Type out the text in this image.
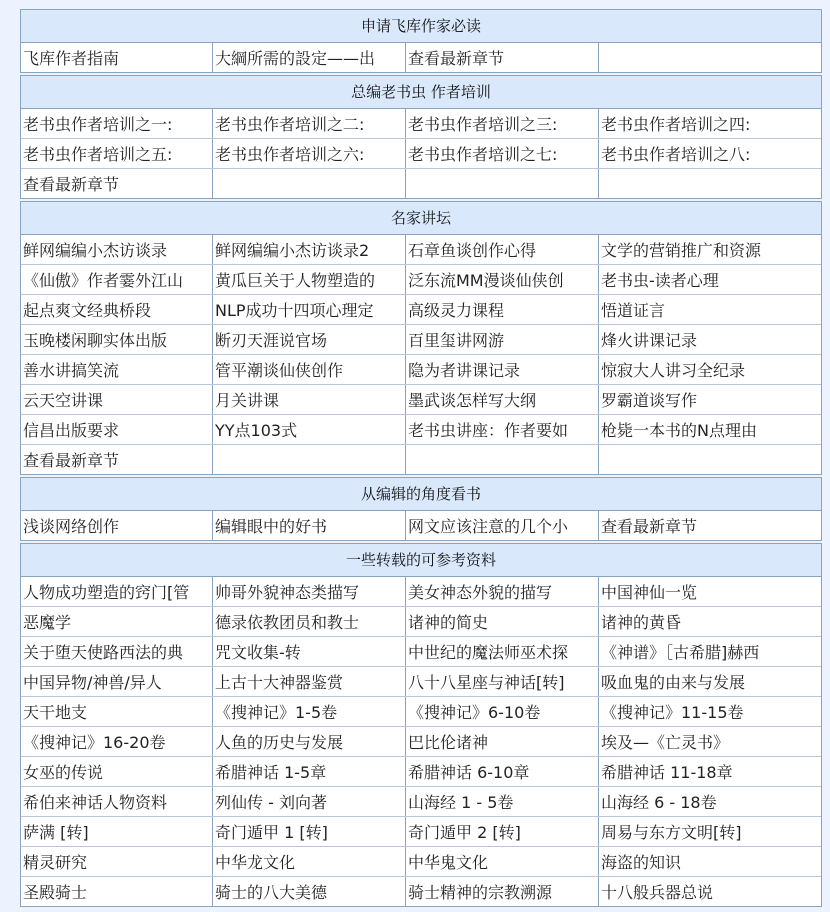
申请飞库作家必读
飞库作者指南	大綱所需的設定——出	查看最新章节
总编老书虫 作者培训
老书虫作者培训之一:	老书虫作者培训之二:	老书虫作者培训之三:	老书虫作者培训之四:
老书虫作者培训之五:	老书虫作者培训之六:	老书虫作者培训之七:	老书虫作者培训之八:
查看最新章节
名家讲坛
鲜网编编小杰访谈录	鲜网编编小杰访谈录2	石章鱼谈创作心得	文学的营销推广和资源
《仙傲》作者霎外江山	黄瓜巨关于人物塑造的	泛东流MM漫谈仙侠创	老书虫-读者心理
起点爽文经典桥段	NLP成功十四项心理定	高级灵力课程	悟道证言
玉晚楼闲聊实体出版	断刃天涯说官场	百里玺讲网游	烽火讲课记录
善水讲搞笑流	管平潮谈仙侠创作	隐为者讲课记录	惊寂大人讲习全纪录
云天空讲课	月关讲课	墨武谈怎样写大纲	罗霸道谈写作
信昌出版要求	YY点103式	老书虫讲座：作者要如	枪毙一本书的N点理由
查看最新章节
从编辑的角度看书
浅谈网络创作	编辑眼中的好书	网文应该注意的几个小	查看最新章节
一些转载的可参考资料
人物成功塑造的窍门[管	帅哥外貌神态类描写	美女神态外貌的描写	中国神仙一览
恶魔学	德录依教团员和教士	诸神的简史	诸神的黄昏
关于堕天使路西法的典	咒文收集-转	中世纪的魔法师巫术探	《神谱》［古希腊]赫西
中国异物/神兽/异人	上古十大神器鉴赏	八十八星座与神话[转]	吸血鬼的由来与发展
天干地支	《搜神记》1-5卷	《搜神记》6-10卷	《搜神记》11-15卷
《搜神记》16-20卷	人鱼的历史与发展	巴比伦诸神	埃及—《亡灵书》
女巫的传说	希腊神话 1-5章	希腊神话 6-10章	希腊神话 11-18章
希伯来神话人物资料	列仙传 - 刘向著	山海经 1 - 5卷	山海经 6 - 18卷
萨满 [转]	奇门遁甲 1 [转]	奇门遁甲 2 [转]	周易与东方文明[转]
精灵研究	中华龙文化	中华鬼文化	海盗的知识
圣殿骑士	骑士的八大美德	骑士精神的宗教溯源	十八般兵器总说
